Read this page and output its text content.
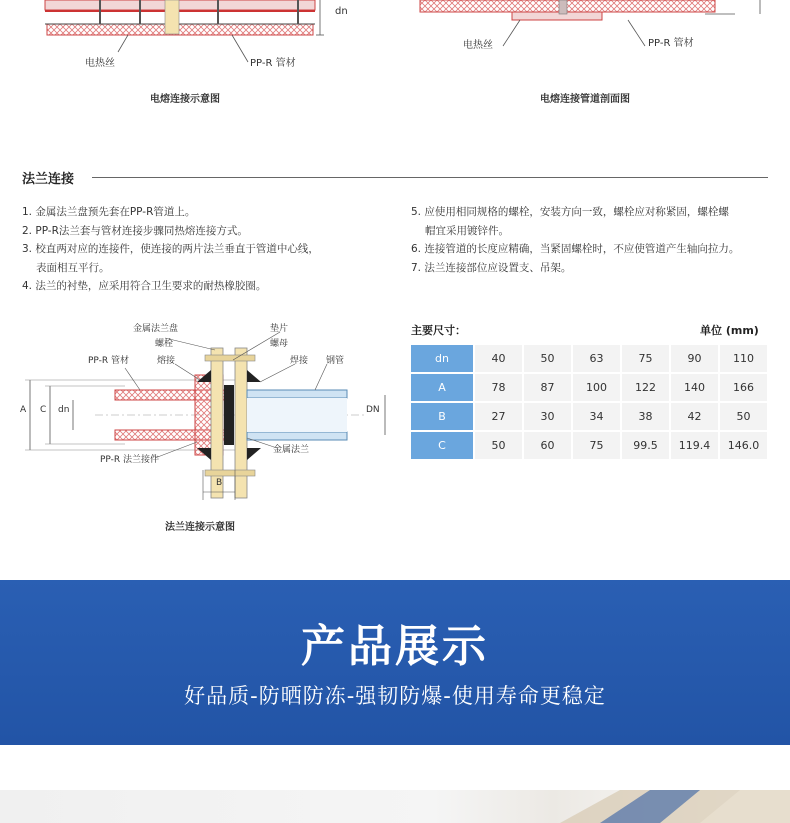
dn
电热丝	PP-R 管材
电熔连接示意图
电热丝	PP-R 管材
电熔连接管道剖面图
法兰连接
1. 金属法兰盘预先套在PP-R管道上。
2. PP-R法兰套与管材连接步骤同热熔连接方式。
3. 校直两对应的连接件，使连接的两片法兰垂直于管道中心线，
表面相互平行。
4. 法兰的衬垫，应采用符合卫生要求的耐热橡胶圈。
5. 应使用相同规格的螺栓，安装方向一致，螺栓应对称紧固，螺栓螺
帽宜采用镀锌件。
6. 连接管道的长度应精确，当紧固螺栓时，不应使管道产生轴向拉力。
7. 法兰连接部位应设置支、吊架。
金属法兰盘
螺栓
垫片
螺母
PP-R 管材	熔接	焊接 钢管
PP-R 法兰接件
金属法兰
A C dn	DN
B
法兰连接示意图
主要尺寸：	单位 (mm)
dn	40	50	63	75	90	110
A	78	87	100	122	140	166
B	27	30	34	38	42	50
C	50	60	75	99.5	119.4	146.0
产品展示
好品质-防晒防冻-强韧防爆-使用寿命更稳定
